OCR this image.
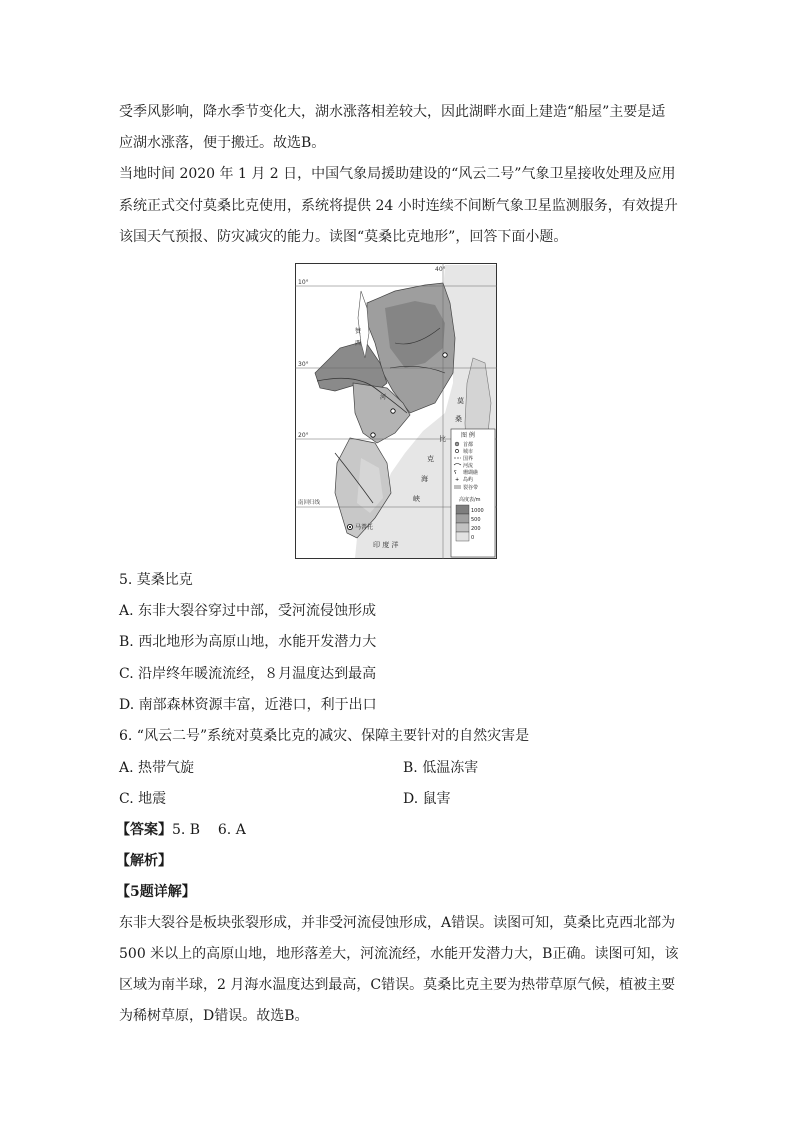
受季风影响，降水季节变化大，湖水涨落相差较大，因此湖畔水面上建造“船屋”主要是适
应湖水涨落，便于搬迁。故选B。
当地时间 2020 年 1 月 2 日，中国气象局援助建设的“风云二号”气象卫星接收处理及应用
系统正式交付莫桑比克使用，系统将提供 24 小时连续不间断气象卫星监测服务，有效提升
该国天气预报、防灾减灾的能力。读图“莫桑比克地形”，回答下面小题。
40°
10°
30°
20°
赞
西
河	莫
桑
比
克
海
峡
印 度 洋
南回归线
马普托
图 例
首都
城市
国界
河流
ʕ 珊瑚礁
+ 岛屿
裂谷带
高度表/m
1000
500
200
0
5. 莫桑比克
A. 东非大裂谷穿过中部，受河流侵蚀形成
B. 西北地形为高原山地，水能开发潜力大
C. 沿岸终年暖流流经，８月温度达到最高
D. 南部森林资源丰富，近港口，利于出口
6. “风云二号”系统对莫桑比克的减灾、保障主要针对的自然灾害是
A. 热带气旋	B. 低温冻害
C. 地震	D. 鼠害
【答案】5. B    6. A
【解析】
【5题详解】
东非大裂谷是板块张裂形成，并非受河流侵蚀形成，A错误。读图可知，莫桑比克西北部为
500 米以上的高原山地，地形落差大，河流流经，水能开发潜力大，B正确。读图可知，该
区域为南半球，2 月海水温度达到最高，C错误。莫桑比克主要为热带草原气候，植被主要
为稀树草原，D错误。故选B。
